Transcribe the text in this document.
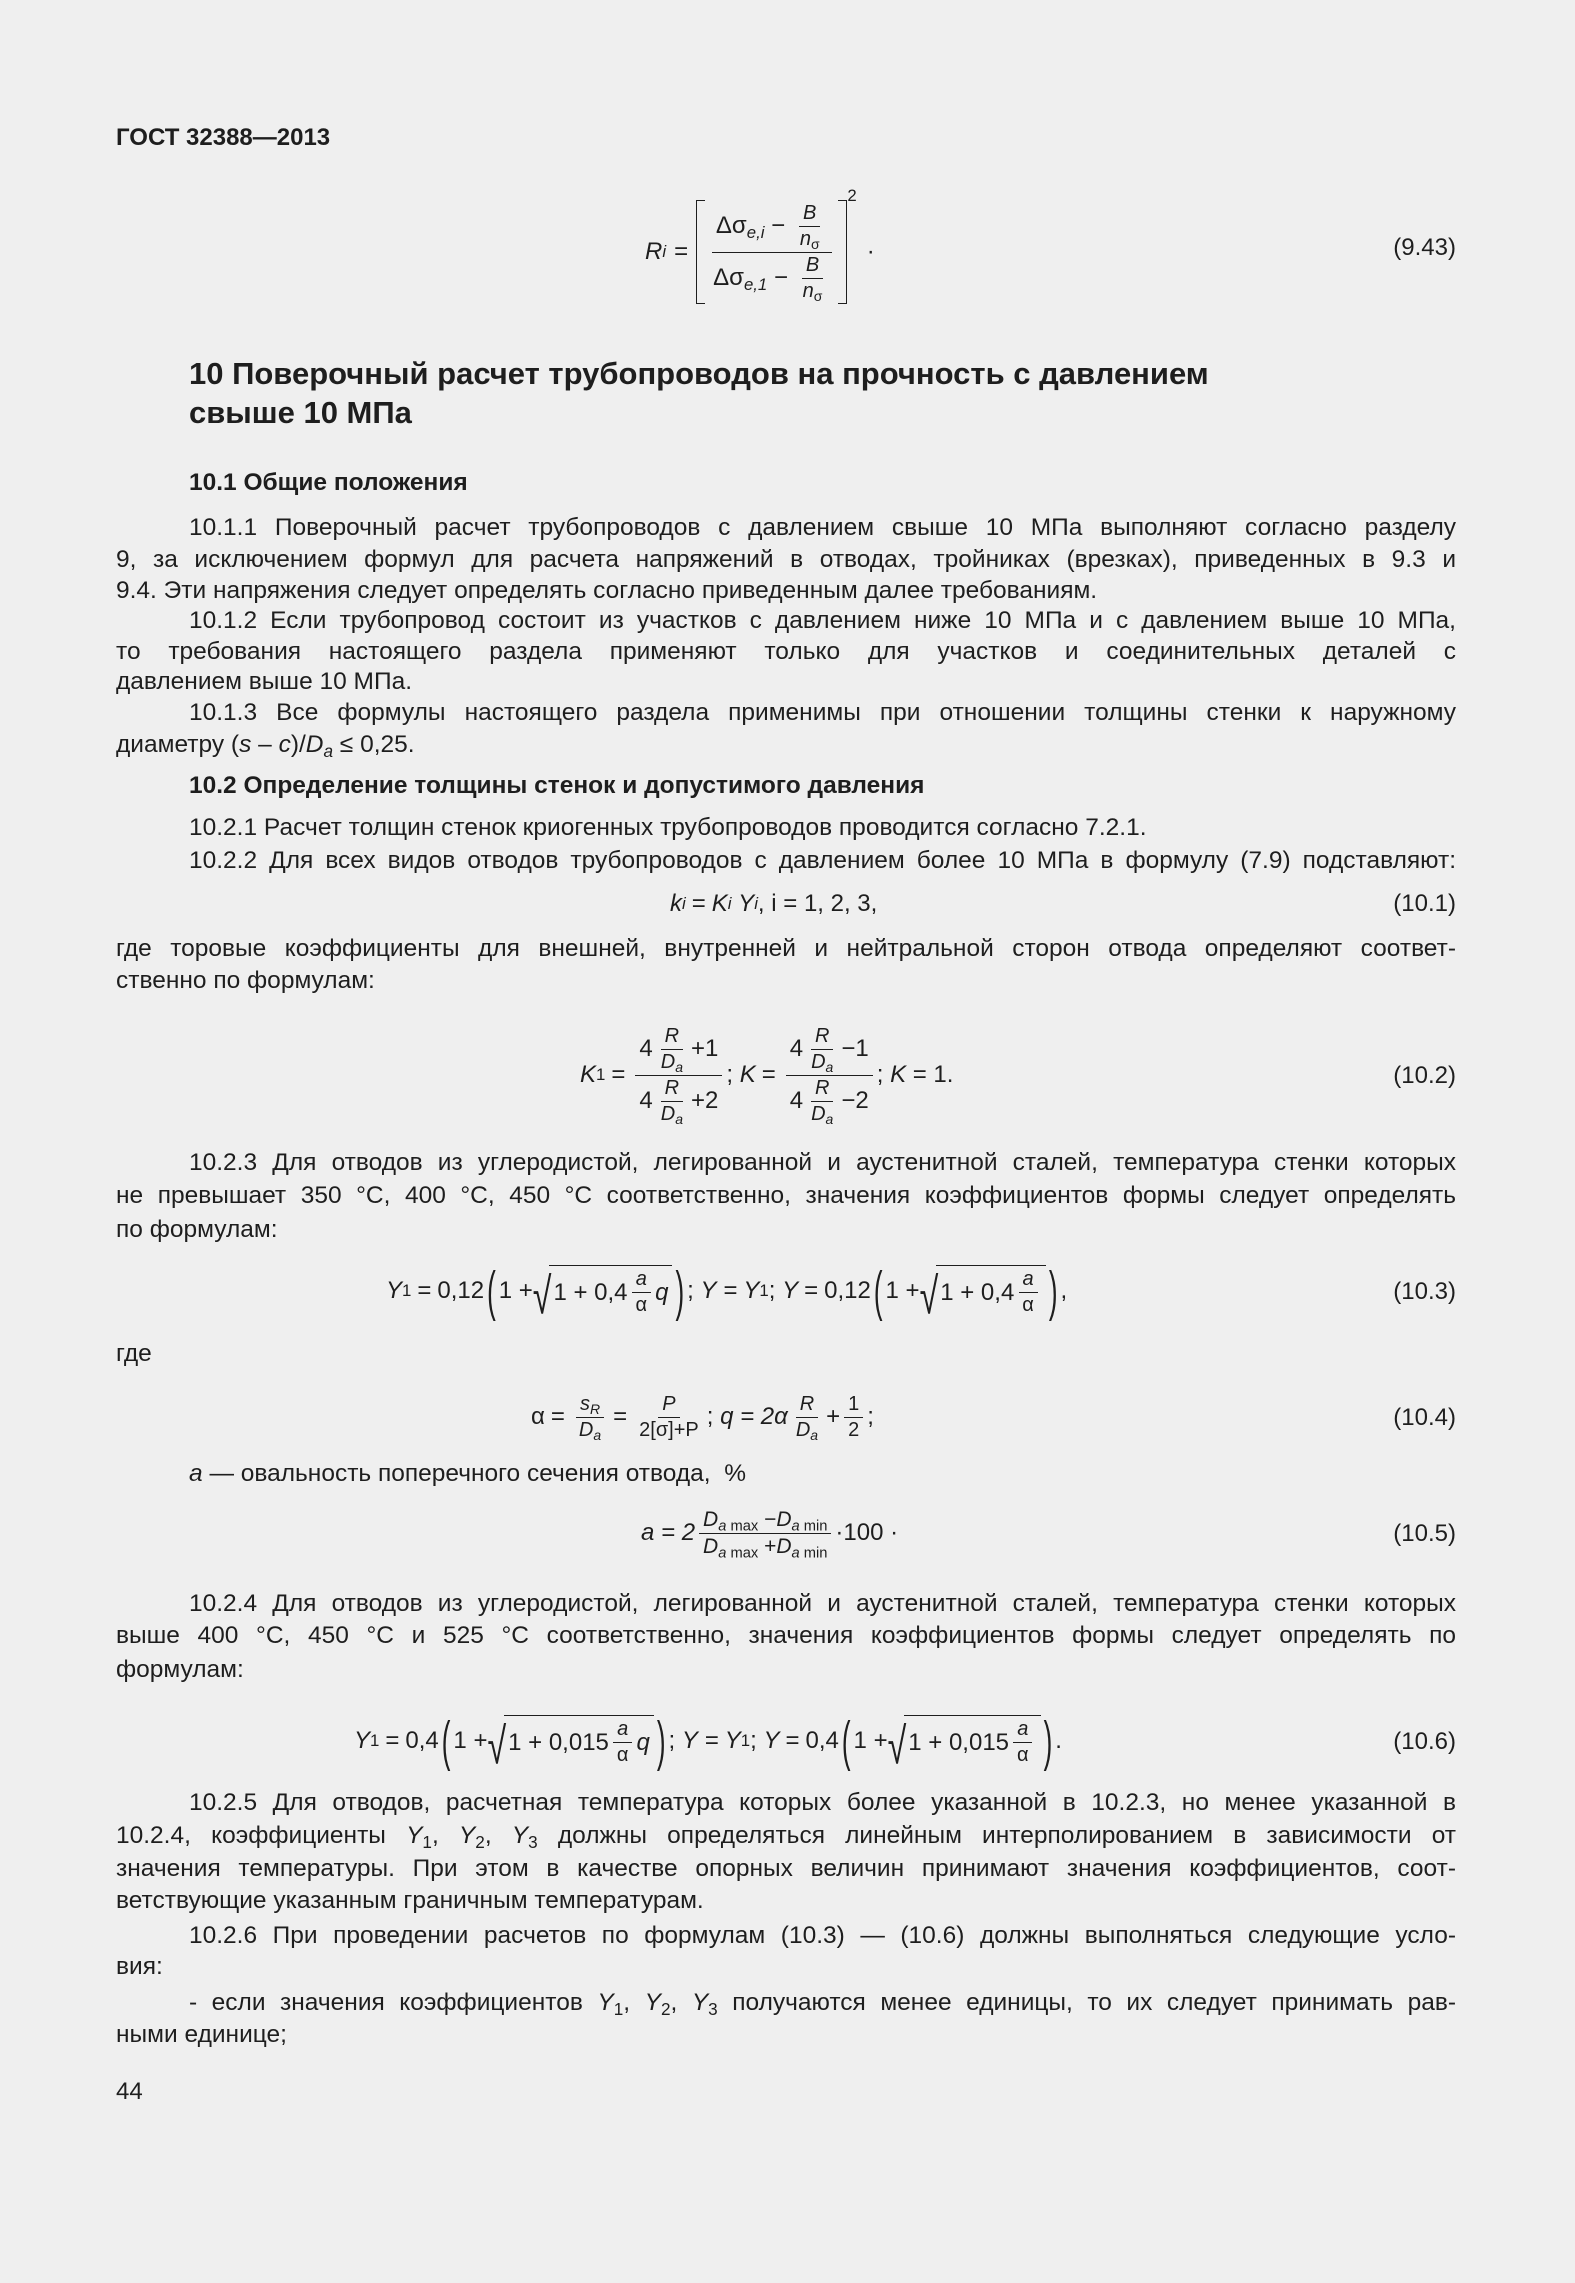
ГОСТ 32388—2013
R $i = \frac{\Delta\sigma_{e,i} - \frac{B}{n_\sigma}}{\Delta\sigma_{e,1} - \frac{B}{n_\sigma}}$
2
·	(9.43)
10 Поверочный расчет трубопроводов на прочность с давлением
свыше 10 МПа
10.1 Общие положения
10.1.1 Поверочный расчет трубопроводов с давлением свыше 10 МПа выполняют согласно разделу
9, за исключением формул для расчета напряжений в отводах, тройниках (врезках), приведенных в 9.3 и
9.4. Эти напряжения следует определять согласно приведенным далее требованиям.
10.1.2 Если трубопровод состоит из участков с давлением ниже 10 МПа и с давлением выше 10 МПа,
то требования настоящего раздела применяют только для участков и соединительных деталей с
давлением выше 10 МПа.
10.1.3 Все формулы настоящего раздела применимы при отношении толщины стенки к наружному
диаметру $(s - c)/D_a \le 0,25$.
10.2 Определение толщины стенок и допустимого давления
10.2.1 Расчет толщин стенок криогенных трубопроводов проводится согласно 7.2.1.
10.2.2 Для всех видов отводов трубопроводов с давлением более 10 МПа в формулу (7.9) подставляют:
k i = K i
Y i , i = 1, 2, 3,	(10.1)
где торовые коэффициенты для внешней, внутренней и нейтральной сторон отвода определяют соответ-
ственно по формулам:
K $1 = \frac{4 \frac{R}{D_a} +1}{4 \frac{R}{D_a} +2}$ ;
$K = \frac{4 \frac{R}{D_a} -1}{4 \frac{R}{D_a} -2}$ ;
K = 1.	(10.2)
10.2.3 Для отводов из углеродистой, легированной и аустенитной сталей, температура стенки которых
не превышает 350 °С, 400 °С, 450 °С соответственно, значения коэффициентов формы следует определять
по формулам:
Y 1 = 0,12 ( 1 + √ $1 + 0,4 \frac{a}{\alpha}$ q ) ;
Y = Y 1 ;
Y = 0,12 ( 1 + √ $1 + 0,4 \frac{a}{\alpha}$ ) ,	(10.3)
где
$\alpha = \frac{s_R}{D_a} = \frac{P}{2[\sigma]+P}$ ;
$q = 2\alpha \frac{R}{D_a} + \frac{1}{2}$ ;	(10.4)
a — овальность поперечного сечения отвода,  %
$a = 2 \frac{D_{a max} -D_{a min}}{D_{a max} +D_{a min}} \cdot 100$ ·	(10.5)
10.2.4 Для отводов из углеродистой, легированной и аустенитной сталей, температура стенки которых
выше 400 °С, 450 °С и 525 °С соответственно, значения коэффициентов формы следует определять по
формулам:
Y 1 = 0,4 ( 1 + √ $1 + 0,015 \frac{a}{\alpha}$ q ) ;
Y = Y 1 ;
Y = 0,4 ( 1 + √ $1 + 0,015 \frac{a}{\alpha}$ ) .	(10.6)
10.2.5 Для отводов, расчетная температура которых более указанной в 10.2.3, но менее указанной в
10.2.4, коэффициенты $Y_1$, $Y_2$, $Y_3$ должны определяться линейным интерполированием в зависимости от
значения температуры. При этом в качестве опорных величин принимают значения коэффициентов, соот-
ветствующие указанным граничным температурам.
10.2.6 При проведении расчетов по формулам (10.3) — (10.6) должны выполняться следующие усло-
вия:
- если значения коэффициентов $Y_1$, $Y_2$, $Y_3$ получаются менее единицы, то их следует принимать рав-
ными единице;
44
